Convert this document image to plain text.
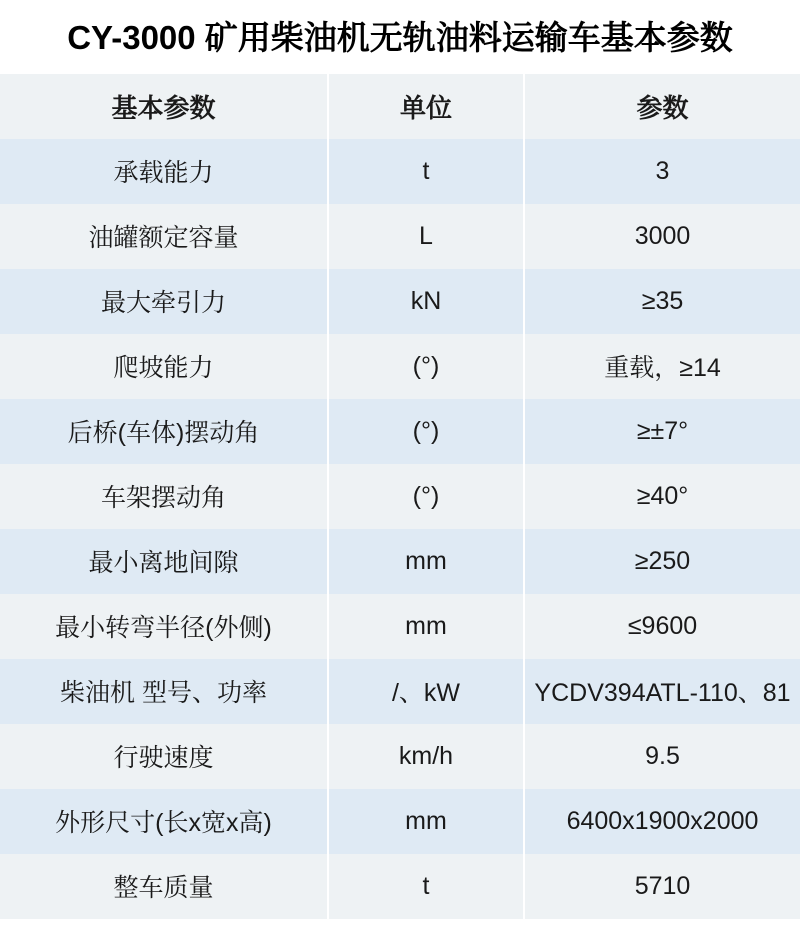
CY-3000 矿用柴油机无轨油料运输车基本参数
基本参数	单位	参数
承载能力	t	3
油罐额定容量	L	3000
最大牵引力	kN	≥35
爬坡能力	(°)	重载，≥14
后桥(车体)摆动角	(°)	≥±7°
车架摆动角	(°)	≥40°
最小离地间隙	mm	≥250
最小转弯半径(外侧)	mm	≤9600
柴油机 型号、功率	/、kW	YCDV394ATL-110、81
行驶速度	km/h	9.5
外形尺寸(长x宽x高)	mm	6400x1900x2000
整车质量	t	5710
